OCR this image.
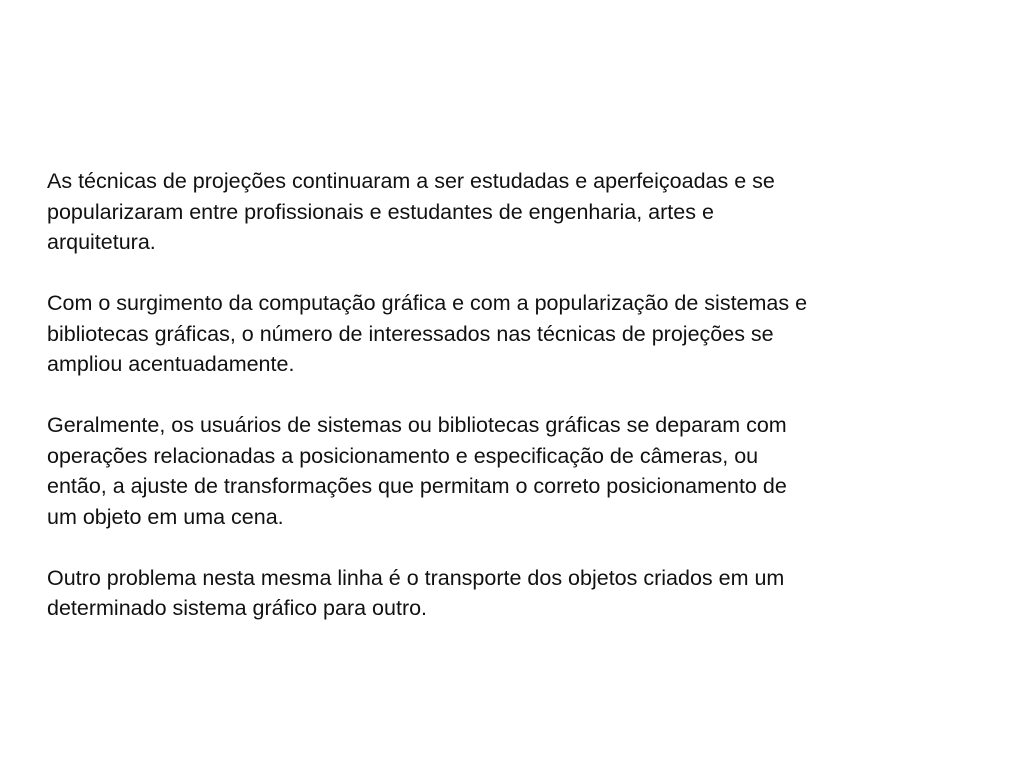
As técnicas de projeções continuaram a ser estudadas e aperfeiçoadas e se
popularizaram entre profissionais e estudantes de engenharia, artes e
arquitetura.

Com o surgimento da computação gráfica e com a popularização de sistemas e
bibliotecas gráficas, o número de interessados nas técnicas de projeções se
ampliou acentuadamente.

Geralmente, os usuários de sistemas ou bibliotecas gráficas se deparam com
operações relacionadas a posicionamento e especificação de câmeras, ou
então, a ajuste de transformações que permitam o correto posicionamento de
um objeto em uma cena.

Outro problema nesta mesma linha é o transporte dos objetos criados em um
determinado sistema gráfico para outro.
